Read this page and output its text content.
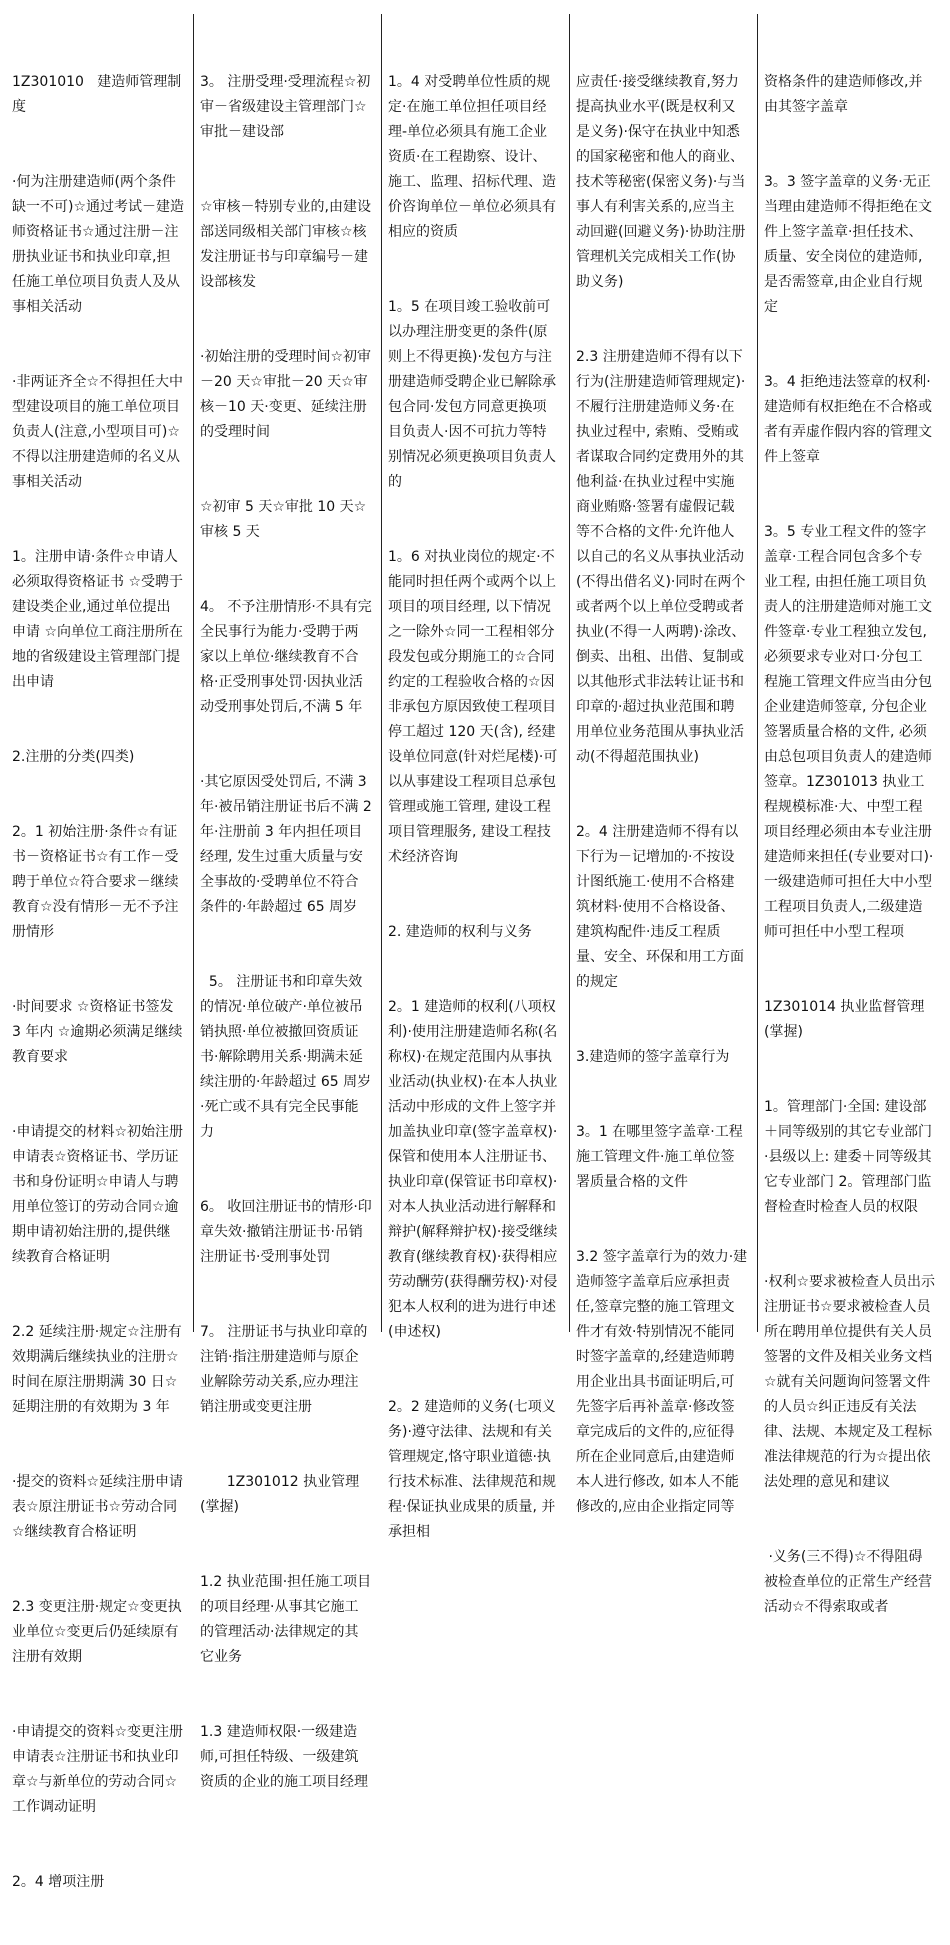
1Z301010   建造师管理制度

·何为注册建造师(两个条件缺一不可)☆通过考试－建造师资格证书☆通过注册－注册执业证书和执业印章,担任施工单位项目负责人及从事相关活动

·非两证齐全☆不得担任大中型建设项目的施工单位项目负责人(注意,小型项目可)☆不得以注册建造师的名义从事相关活动

1。注册申请·条件☆申请人必须取得资格证书 ☆受聘于建设类企业,通过单位提出申请 ☆向单位工商注册所在地的省级建设主管理部门提出申请

2.注册的分类(四类)

2。1 初始注册·条件☆有证书－资格证书☆有工作－受聘于单位☆符合要求－继续教育☆没有情形－无不予注册情形

·时间要求 ☆资格证书签发 3 年内 ☆逾期必须满足继续教育要求

·申请提交的材料☆初始注册申请表☆资格证书、学历证书和身份证明☆申请人与聘用单位签订的劳动合同☆逾期申请初始注册的,提供继续教育合格证明

2.2 延续注册·规定☆注册有效期满后继续执业的注册☆时间在原注册期满 30 日☆延期注册的有效期为 3 年

·提交的资料☆延续注册申请表☆原注册证书☆劳动合同☆继续教育合格证明

2.3 变更注册·规定☆变更执业单位☆变更后仍延续原有注册有效期

·申请提交的资料☆变更注册申请表☆注册证书和执业印章☆与新单位的劳动合同☆工作调动证明

2。4 增项注册

3。 注册受理·受理流程☆初审－省级建设主管理部门☆审批－建设部

☆审核－特别专业的,由建设部送同级相关部门审核☆核发注册证书与印章编号－建设部核发

·初始注册的受理时间☆初审－20 天☆审批－20 天☆审核－10 天·变更、延续注册的受理时间

☆初审 5 天☆审批 10 天☆审核 5 天

4。 不予注册情形·不具有完全民事行为能力·受聘于两家以上单位·继续教育不合格·正受刑事处罚·因执业活动受刑事处罚后,不满 5 年

·其它原因受处罚后, 不满 3 年·被吊销注册证书后不满 2 年·注册前 3 年内担任项目经理, 发生过重大质量与安全事故的·受聘单位不符合条件的·年龄超过 65 周岁

5。 注册证书和印章失效的情况·单位破产·单位被吊销执照·单位被撤回资质证书·解除聘用关系·期满未延续注册的·年龄超过 65 周岁·死亡或不具有完全民事能力

6。 收回注册证书的情形·印章失效·撤销注册证书·吊销注册证书·受刑事处罚

7。 注册证书与执业印章的注销·指注册建造师与原企业解除劳动关系,应办理注销注册或变更注册

1Z301012 执业管理(掌握)

1.2 执业范围·担任施工项目的项目经理·从事其它施工的管理活动·法律规定的其它业务

1.3 建造师权限·一级建造师,可担任特级、一级建筑资质的企业的施工项目经理

1。4 对受聘单位性质的规定·在施工单位担任项目经理-单位必须具有施工企业资质·在工程勘察、设计、施工、监理、招标代理、造价咨询单位－单位必须具有相应的资质

1。5 在项目竣工验收前可以办理注册变更的条件(原则上不得更换)·发包方与注册建造师受聘企业已解除承包合同·发包方同意更换项目负责人·因不可抗力等特别情况必须更换项目负责人的

1。6 对执业岗位的规定·不能同时担任两个或两个以上项目的项目经理, 以下情况之一除外☆同一工程相邻分段发包或分期施工的☆合同约定的工程验收合格的☆因非承包方原因致使工程项目停工超过 120 天(含), 经建设单位同意(针对烂尾楼)·可以从事建设工程项目总承包管理或施工管理, 建设工程项目管理服务, 建设工程技术经济咨询

2. 建造师的权利与义务

2。1 建造师的权利(八项权利)·使用注册建造师名称(名称权)·在规定范围内从事执业活动(执业权)·在本人执业活动中形成的文件上签字并加盖执业印章(签字盖章权)·保管和使用本人注册证书、执业印章(保管证书印章权)·对本人执业活动进行解释和辩护(解释辩护权)·接受继续教育(继续教育权)·获得相应劳动酬劳(获得酬劳权)·对侵犯本人权利的进为进行申述(申述权)

2。2 建造师的义务(七项义务)·遵守法律、法规和有关管理规定,恪守职业道德·执行技术标准、法律规范和规程·保证执业成果的质量, 并承担相

应责任·接受继续教育,努力提高执业水平(既是权利又是义务)·保守在执业中知悉的国家秘密和他人的商业、技术等秘密(保密义务)·与当事人有利害关系的,应当主动回避(回避义务)·协助注册管理机关完成相关工作(协助义务)

2.3 注册建造师不得有以下行为(注册建造师管理规定)·不履行注册建造师义务·在执业过程中, 索贿、受贿或者谋取合同约定费用外的其他利益·在执业过程中实施商业贿赂·签署有虚假记载等不合格的文件·允许他人以自己的名义从事执业活动(不得出借名义)·同时在两个或者两个以上单位受聘或者执业(不得一人两聘)·涂改、倒卖、出租、出借、复制或以其他形式非法转让证书和印章的·超过执业范围和聘用单位业务范围从事执业活动(不得超范围执业)

2。4 注册建造师不得有以下行为－记增加的·不按设计图纸施工·使用不合格建筑材料·使用不合格设备、建筑构配件·违反工程质量、安全、环保和用工方面的规定

3.建造师的签字盖章行为

3。1 在哪里签字盖章·工程施工管理文件·施工单位签署质量合格的文件

3.2 签字盖章行为的效力·建造师签字盖章后应承担责任,签章完整的施工管理文件才有效·特别情况不能同时签字盖章的,经建造师聘用企业出具书面证明后,可先签字后再补盖章·修改签章完成后的文件的,应征得所在企业同意后,由建造师本人进行修改, 如本人不能修改的,应由企业指定同等

资格条件的建造师修改,并由其签字盖章

3。3 签字盖章的义务·无正当理由建造师不得拒绝在文件上签字盖章·担任技术、质量、安全岗位的建造师, 是否需签章,由企业自行规定

3。4 拒绝违法签章的权利·建造师有权拒绝在不合格或者有弄虚作假内容的管理文件上签章

3。5 专业工程文件的签字盖章·工程合同包含多个专业工程, 由担任施工项目负责人的注册建造师对施工文件签章·专业工程独立发包, 必须要求专业对口·分包工程施工管理文件应当由分包企业建造师签章, 分包企业签署质量合格的文件, 必须由总包项目负责人的建造师签章。1Z301013 执业工程规模标准·大、中型工程项目经理必须由本专业注册建造师来担任(专业要对口)·一级建造师可担任大中小型工程项目负责人,二级建造师可担任中小型工程项

1Z301014 执业监督管理(掌握)

1。管理部门·全国: 建设部＋同等级别的其它专业部门·县级以上: 建委＋同等级其它专业部门 2。管理部门监督检查时检查人员的权限

·权利☆要求被检查人员出示注册证书☆要求被检查人员所在聘用单位提供有关人员签署的文件及相关业务文档☆就有关问题询问签署文件的人员☆纠正违反有关法律、法规、本规定及工程标准法律规范的行为☆提出依法处理的意见和建议

·义务(三不得)☆不得阻碍被检查单位的正常生产经营活动☆不得索取或者
